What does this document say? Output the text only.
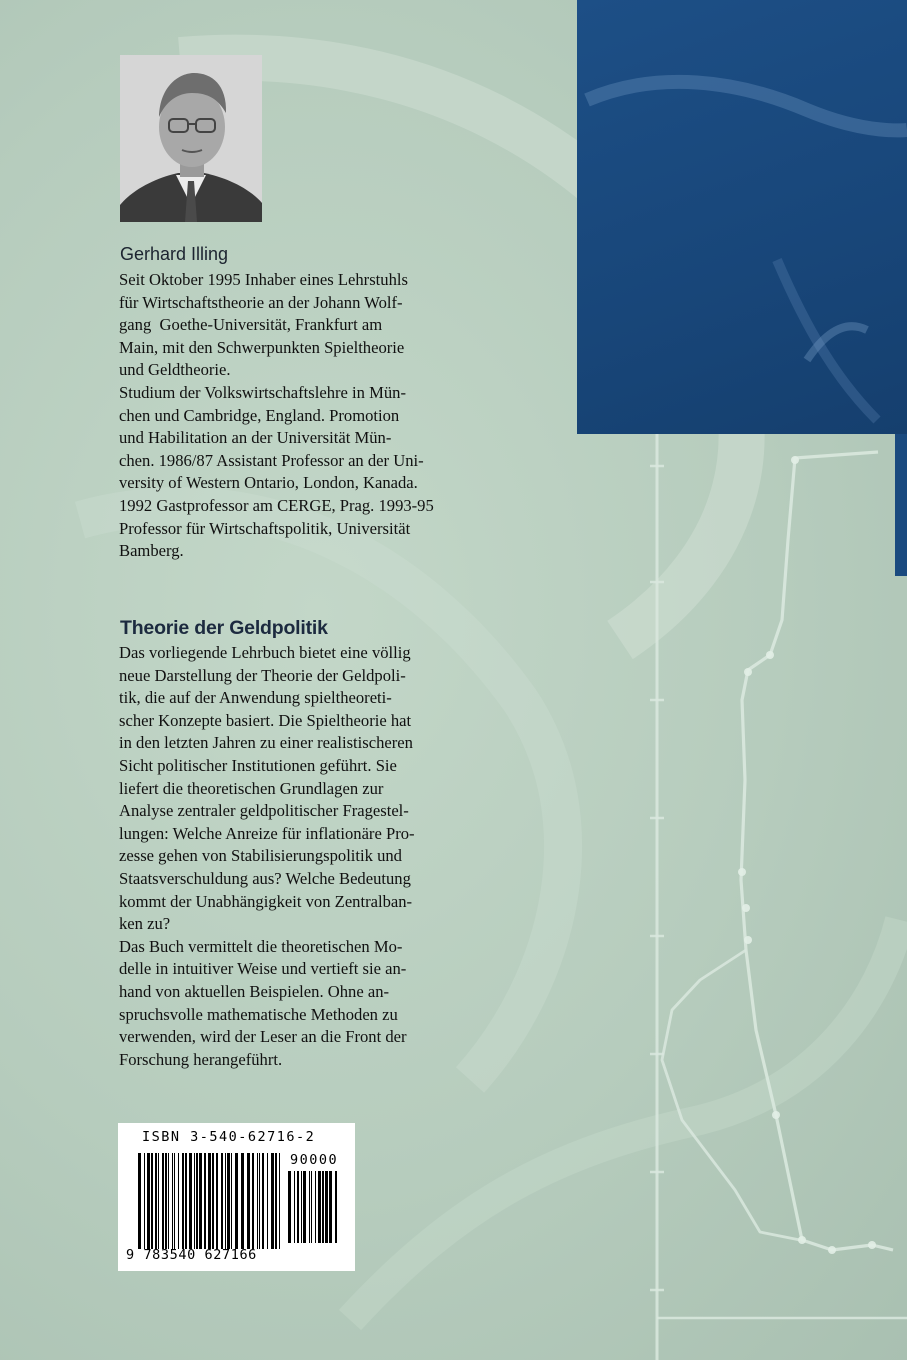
Gerhard Illing
Seit Oktober 1995 Inhaber eines Lehrstuhls
für Wirtschaftstheorie an der Johann Wolf-
gang  Goethe-Universität, Frankfurt am
Main, mit den Schwerpunkten Spieltheorie
und Geldtheorie.
Studium der Volkswirtschaftslehre in Mün-
chen und Cambridge, England. Promotion
und Habilitation an der Universität Mün-
chen. 1986/87 Assistant Professor an der Uni-
versity of Western Ontario, London, Kanada.
1992 Gastprofessor am CERGE, Prag. 1993-95
Professor für Wirtschaftspolitik, Universität
Bamberg.
Theorie der Geldpolitik
Das vorliegende Lehrbuch bietet eine völlig
neue Darstellung der Theorie der Geldpoli-
tik, die auf der Anwendung spieltheoreti-
scher Konzepte basiert. Die Spieltheorie hat
in den letzten Jahren zu einer realistischeren
Sicht politischer Institutionen geführt. Sie
liefert die theoretischen Grundlagen zur
Analyse zentraler geldpolitischer Fragestel-
lungen: Welche Anreize für inflationäre Pro-
zesse gehen von Stabilisierungspolitik und
Staatsverschuldung aus? Welche Bedeutung
kommt der Unabhängigkeit von Zentralban-
ken zu?
Das Buch vermittelt die theoretischen Mo-
delle in intuitiver Weise und vertieft sie an-
hand von aktuellen Beispielen. Ohne an-
spruchsvolle mathematische Methoden zu
verwenden, wird der Leser an die Front der
Forschung herangeführt.
ISBN 3-540-62716-2
90000
9 783540 627166
